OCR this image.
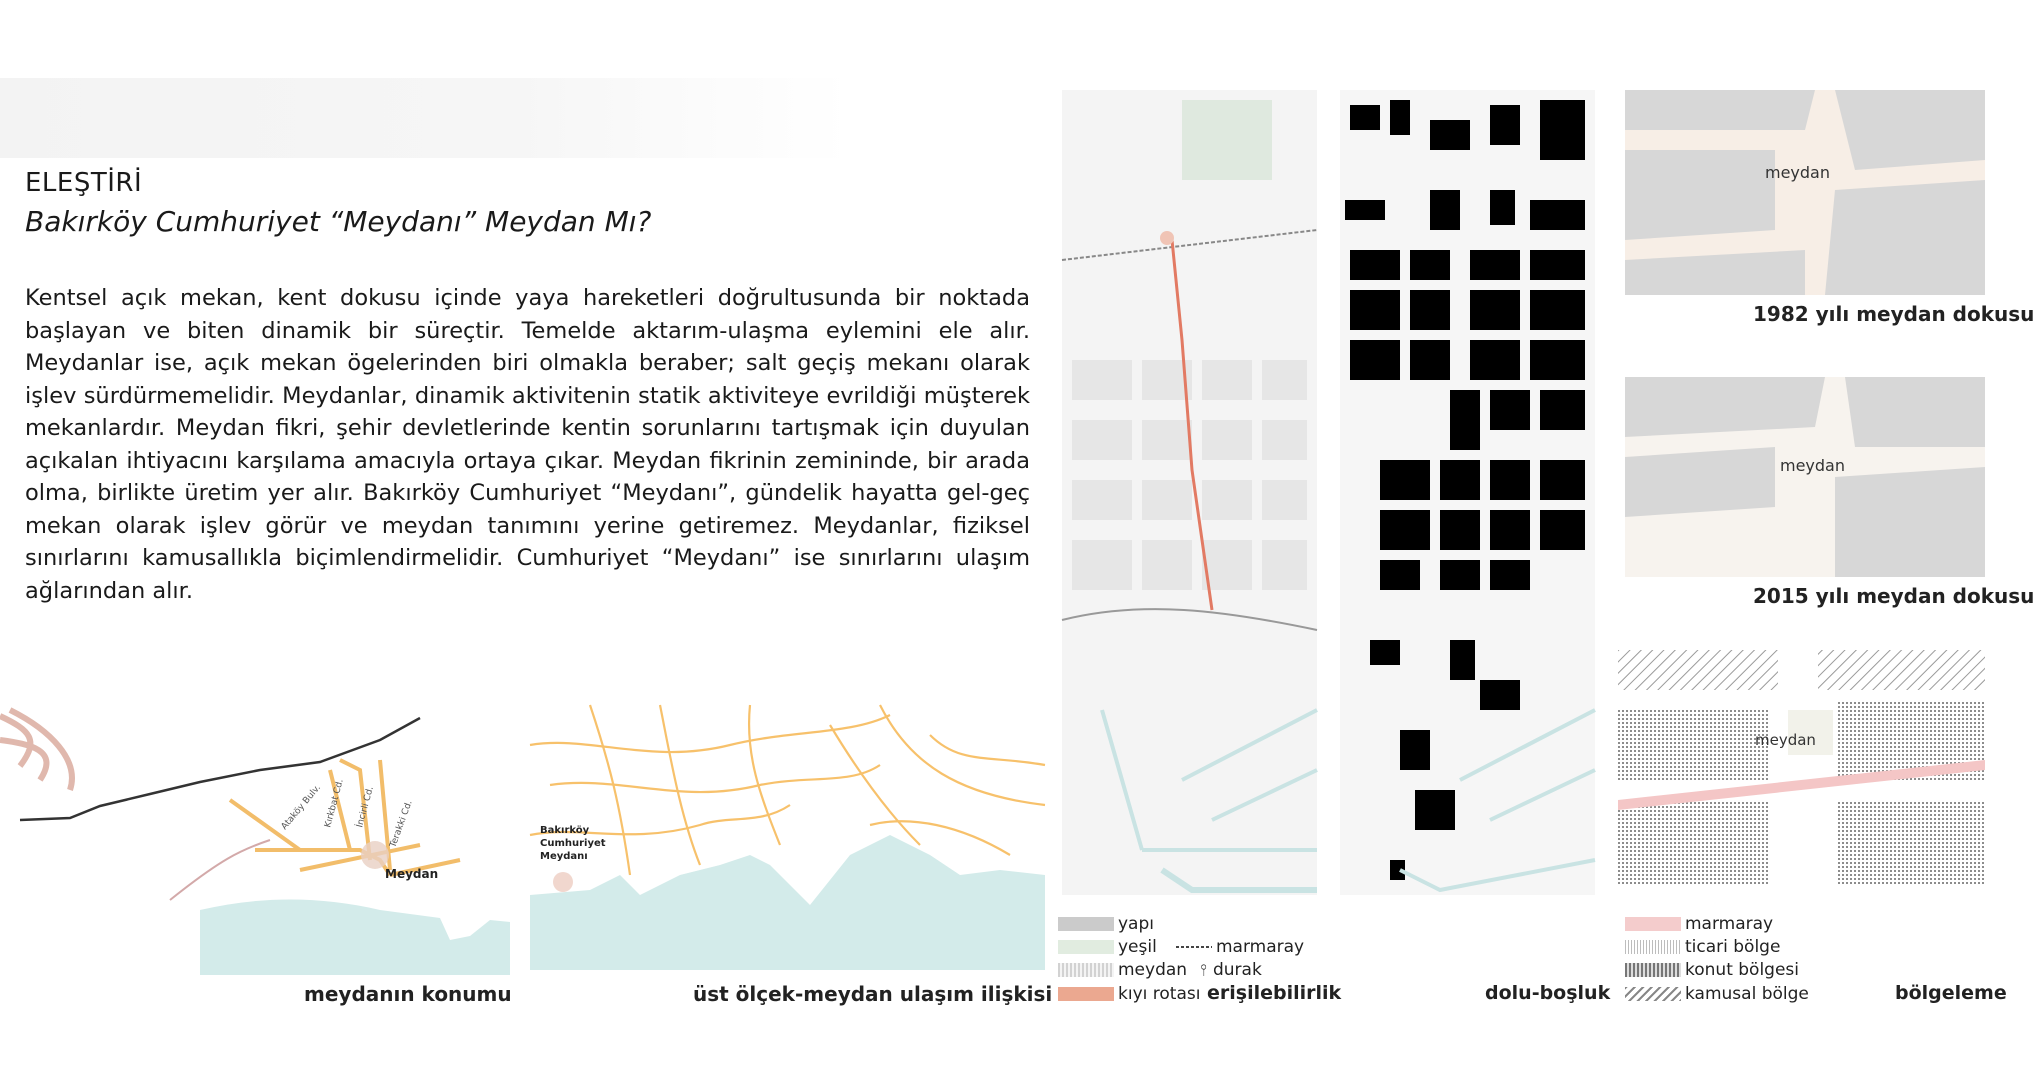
ELEŞTİRİ
Bakırköy Cumhuriyet “Meydanı” Meydan Mı?
Kentsel açık mekan, kent dokusu içinde yaya hareketleri doğrultusunda bir noktada başlayan ve biten dinamik bir süreçtir. Temelde aktarım-ulaşma eylemini ele alır. Meydanlar ise, açık mekan ögelerinden biri olmakla beraber; salt geçiş mekanı olarak işlev sürdürmemelidir. Meydanlar, dinamik aktivitenin statik aktiviteye evrildiği müşterek mekanlardır. Meydan fikri, şehir devletlerinde kentin sorunlarını tartışmak için duyulan açıkalan ihtiyacını karşılama amacıyla ortaya çıkar. Meydan fikrinin zemininde, bir arada olma, birlikte üretim yer alır. Bakırköy Cumhuriyet “Meydanı”, gündelik hayatta gel-geç mekan olarak işlev görür ve meydan tanımını yerine getiremez. Meydanlar, fiziksel sınırlarını kamusallıkla biçimlendirmelidir. Cumhuriyet “Meydanı” ise sınırlarını ulaşım ağlarından alır.
Kırkbat Cd. İncirli Cd. Terakki Cd.
Ataköy Bulv.
Meydan
Bakırköy
Cumhuriyet
Meydanı
meydanın konumu	üst ölçek-meydan ulaşım ilişkisi
meydan
1982 yılı meydan dokusu
meydan
2015 yılı meydan dokusu
meydan
yapı
yeşil
meydan
kıyı rotası
marmaray
⫯ durak
erişilebilirlik	dolu-boşluk
marmaray
ticari bölge
konut bölgesi
kamusal bölge	bölgeleme
